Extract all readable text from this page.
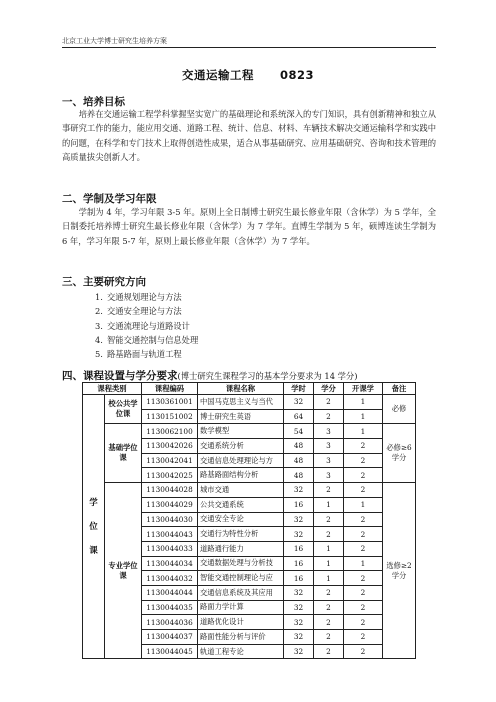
北京工业大学博士研究生培养方案
交通运输工程 0823
一、培养目标
培养在交通运输工程学科掌握坚实宽广的基础理论和系统深入的专门知识，具有创新精神和独立从事研究工作的能力，能应用交通、道路工程、统计、信息、材料、车辆技术解决交通运输科学和实践中的问题，在科学和专门技术上取得创造性成果，适合从事基础研究、应用基础研究、咨询和技术管理的高质量拔尖创新人才。
二、学制及学习年限
学制为 4 年，学习年限 3-5 年。原则上全日制博士研究生最长修业年限（含休学）为 5 学年，全日制委托培养博士研究生最长修业年限（含休学）为 7 学年。直博生学制为 5 年，硕博连读生学制为 6 年，学习年限 5-7 年，原则上最长修业年限（含休学）为 7 学年。
三、主要研究方向
1. 交通规划理论与方法
2. 交通安全理论与方法
3. 交通流理论与道路设计
4. 智能交通控制与信息处理
5. 路基路面与轨道工程
四、课程设置与学分要求(博士研究生课程学习的基本学分要求为 14 学分)
课程类别		课程编码	课程名称	学时	学分	开课学	备注
学 位 课	校公共学位课	1130361001	中国马克思主义与当代	32	2	1	必修
		1130151002	博士研究生英语	64	2	1	
	基础学位课	1130062100	数学模型	54	3	1	必修≥6学分
		1130042026	交通系统分析	48	3	2	
		1130042041	交通信息处理理论与方	48	3	2	
		1130042025	路基路面结构分析	48	3	2	
	专业学位课	1130044028	城市交通	32	2	2	选修≥2学分
		1130044029	公共交通系统	16	1	1	
		1130044030	交通安全专论	32	2	2	
		1130044043	交通行为特性分析	32	2	2	
		1130044033	道路通行能力	16	1	2	
		1130044034	交通数据处理与分析技	16	1	1	
		1130044032	智能交通控制理论与应	16	1	2	
		1130044044	交通信息系统及其应用	32	2	2	
		1130044035	路面力学计算	32	2	2	
		1130044036	道路优化设计	32	2	2	
		1130044037	路面性能分析与评价	32	2	2	
		1130044045	轨道工程专论	32	2	2	
